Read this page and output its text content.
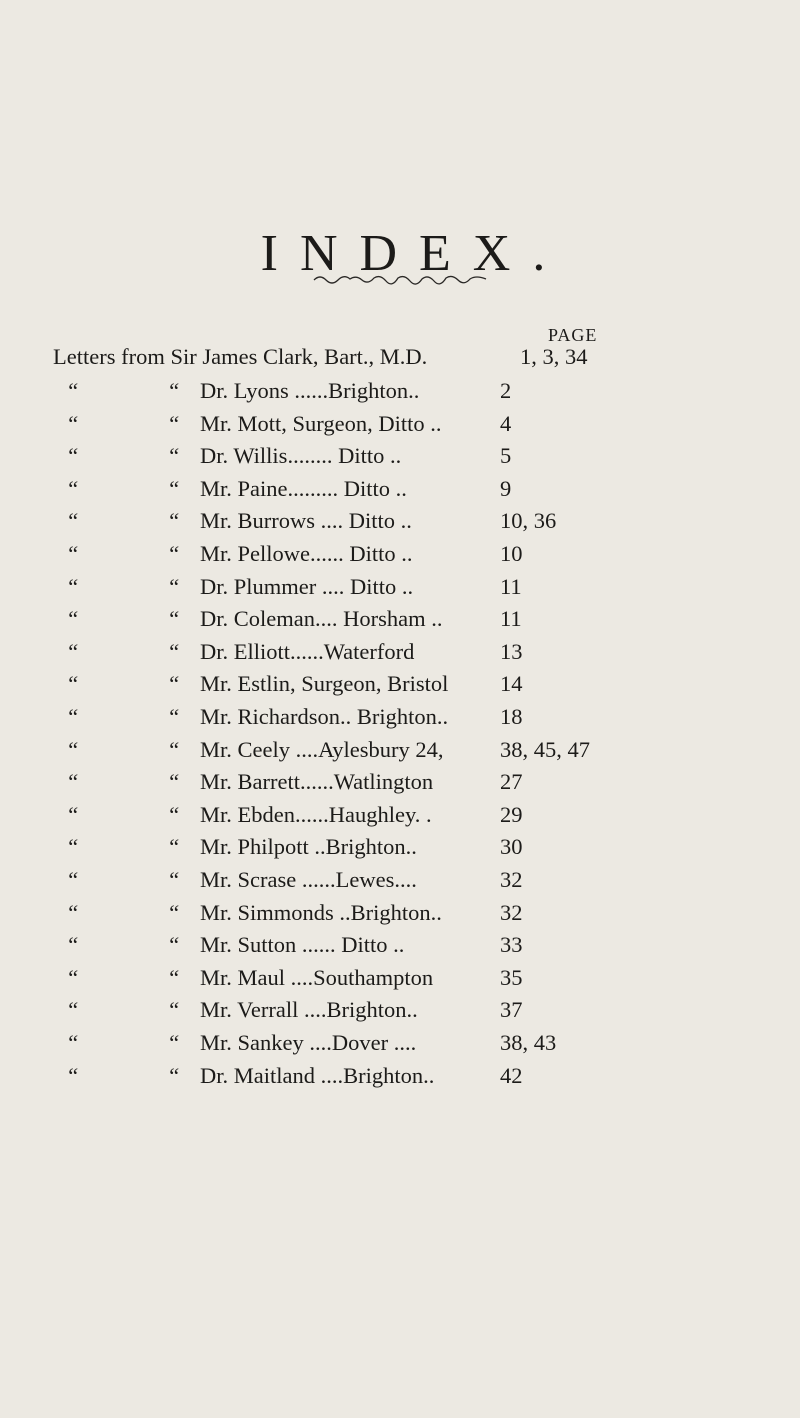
INDEX.
PAGE
Letters from Sir James Clark, Bart., M.D.	1, 3, 34
“	“ Dr. Lyons ......Brighton..	2
“	“ Mr. Mott, Surgeon, Ditto ..	4
“	“ Dr. Willis........ Ditto ..	5
“	“ Mr. Paine......... Ditto ..	9
“	“ Mr. Burrows .... Ditto ..	10, 36
“	“ Mr. Pellowe...... Ditto ..	10
“	“ Dr. Plummer .... Ditto ..	11
“	“ Dr. Coleman.... Horsham ..	11
“	“ Dr. Elliott......Waterford	13
“	“ Mr. Estlin, Surgeon, Bristol 14
“	“ Mr. Richardson.. Brighton.. 18
“	“ Mr. Ceely ....Aylesbury 24,	38, 45, 47
“	“ Mr. Barrett......Watlington	27
“	“ Mr. Ebden......Haughley. .	29
“	“ Mr. Philpott ..Brighton..	30
“	“ Mr. Scrase ......Lewes....	32
“	“ Mr. Simmonds ..Brighton..	32
“	“ Mr. Sutton ...... Ditto ..	33
“	“ Mr. Maul ....Southampton	35
“	“ Mr. Verrall ....Brighton..	37
“	“ Mr. Sankey ....Dover ....	38, 43
“	“ Dr. Maitland ....Brighton..	42
